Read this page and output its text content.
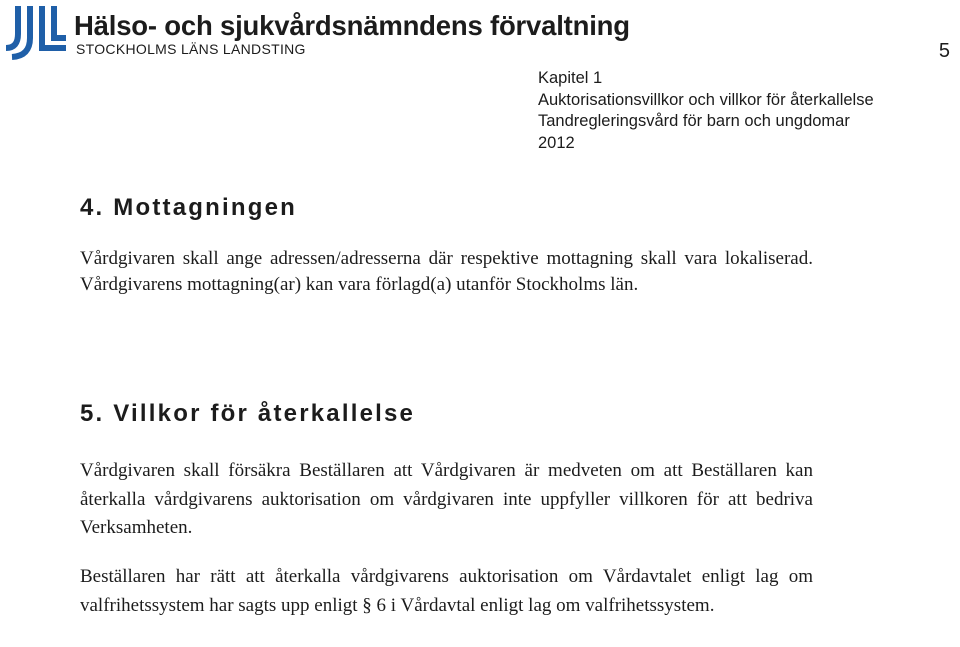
Hälso- och sjukvårdsnämndens förvaltning
STOCKHOLMS LÄNS LANDSTING	5
Kapitel 1
Auktorisationsvillkor och villkor för återkallelse
Tandregleringsvård för barn och ungdomar
2012
4. Mottagningen

Vårdgivaren skall ange adressen/adresserna där respektive mottagning skall vara lokaliserad. Vårdgivarens mottagning(ar) kan vara förlagd(a) utanför Stockholms län.

5. Villkor för återkallelse

Vårdgivaren skall försäkra Beställaren att Vårdgivaren är medveten om att Beställaren kan återkalla vårdgivarens auktorisation om vårdgivaren inte uppfyller villkoren för att bedriva Verksamheten.

Beställaren har rätt att återkalla vårdgivarens auktorisation om Vårdavtalet enligt lag om valfrihetssystem har sagts upp enligt § 6 i Vårdavtal enligt lag om valfrihetssystem.
